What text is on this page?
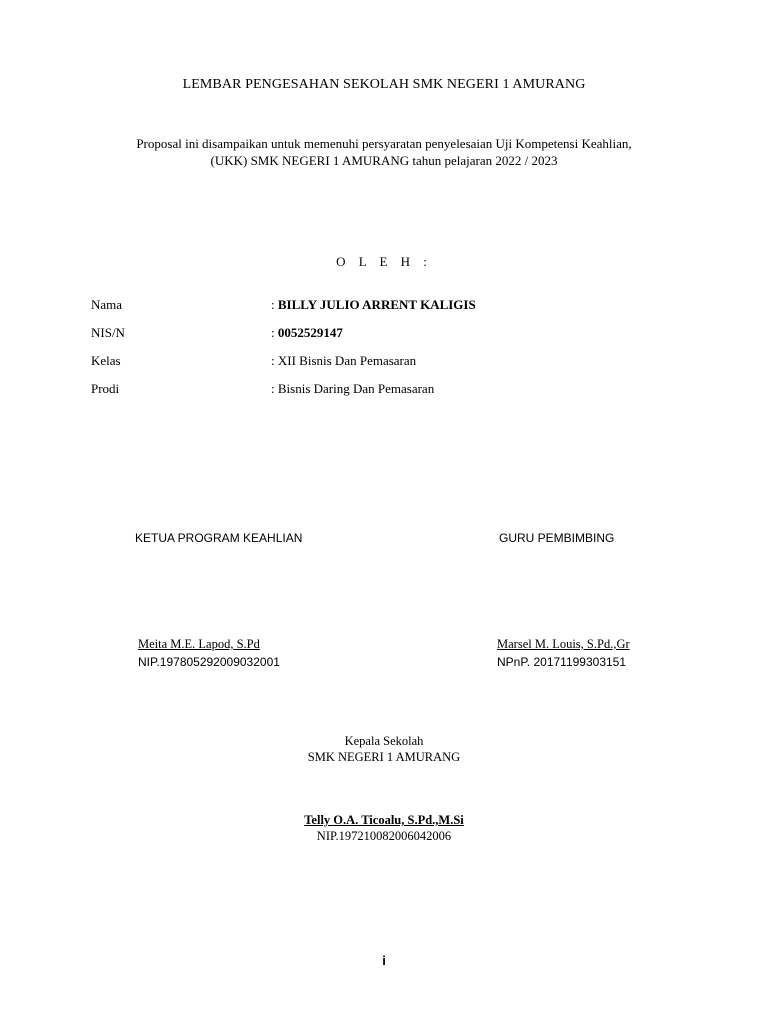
LEMBAR PENGESAHAN SEKOLAH SMK NEGERI 1 AMURANG
Proposal ini disampaikan untuk memenuhi persyaratan penyelesaian Uji Kompetensi Keahlian,
(UKK) SMK NEGERI 1 AMURANG tahun pelajaran 2022 / 2023
O L E H :
Nama	: BILLY JULIO ARRENT KALIGIS
NIS/N	: 0052529147
Kelas	: XII Bisnis Dan Pemasaran
Prodi	: Bisnis Daring Dan Pemasaran
KETUA PROGRAM KEAHLIAN	GURU PEMBIMBING
Meita M.E. Lapod, S.Pd
NIP.197805292009032001
Marsel M. Louis, S.Pd.,Gr
NPnP. 20171199303151
Kepala Sekolah
SMK NEGERI 1 AMURANG
Telly O.A. Ticoalu, S.Pd.,M.Si
NIP.197210082006042006
i
